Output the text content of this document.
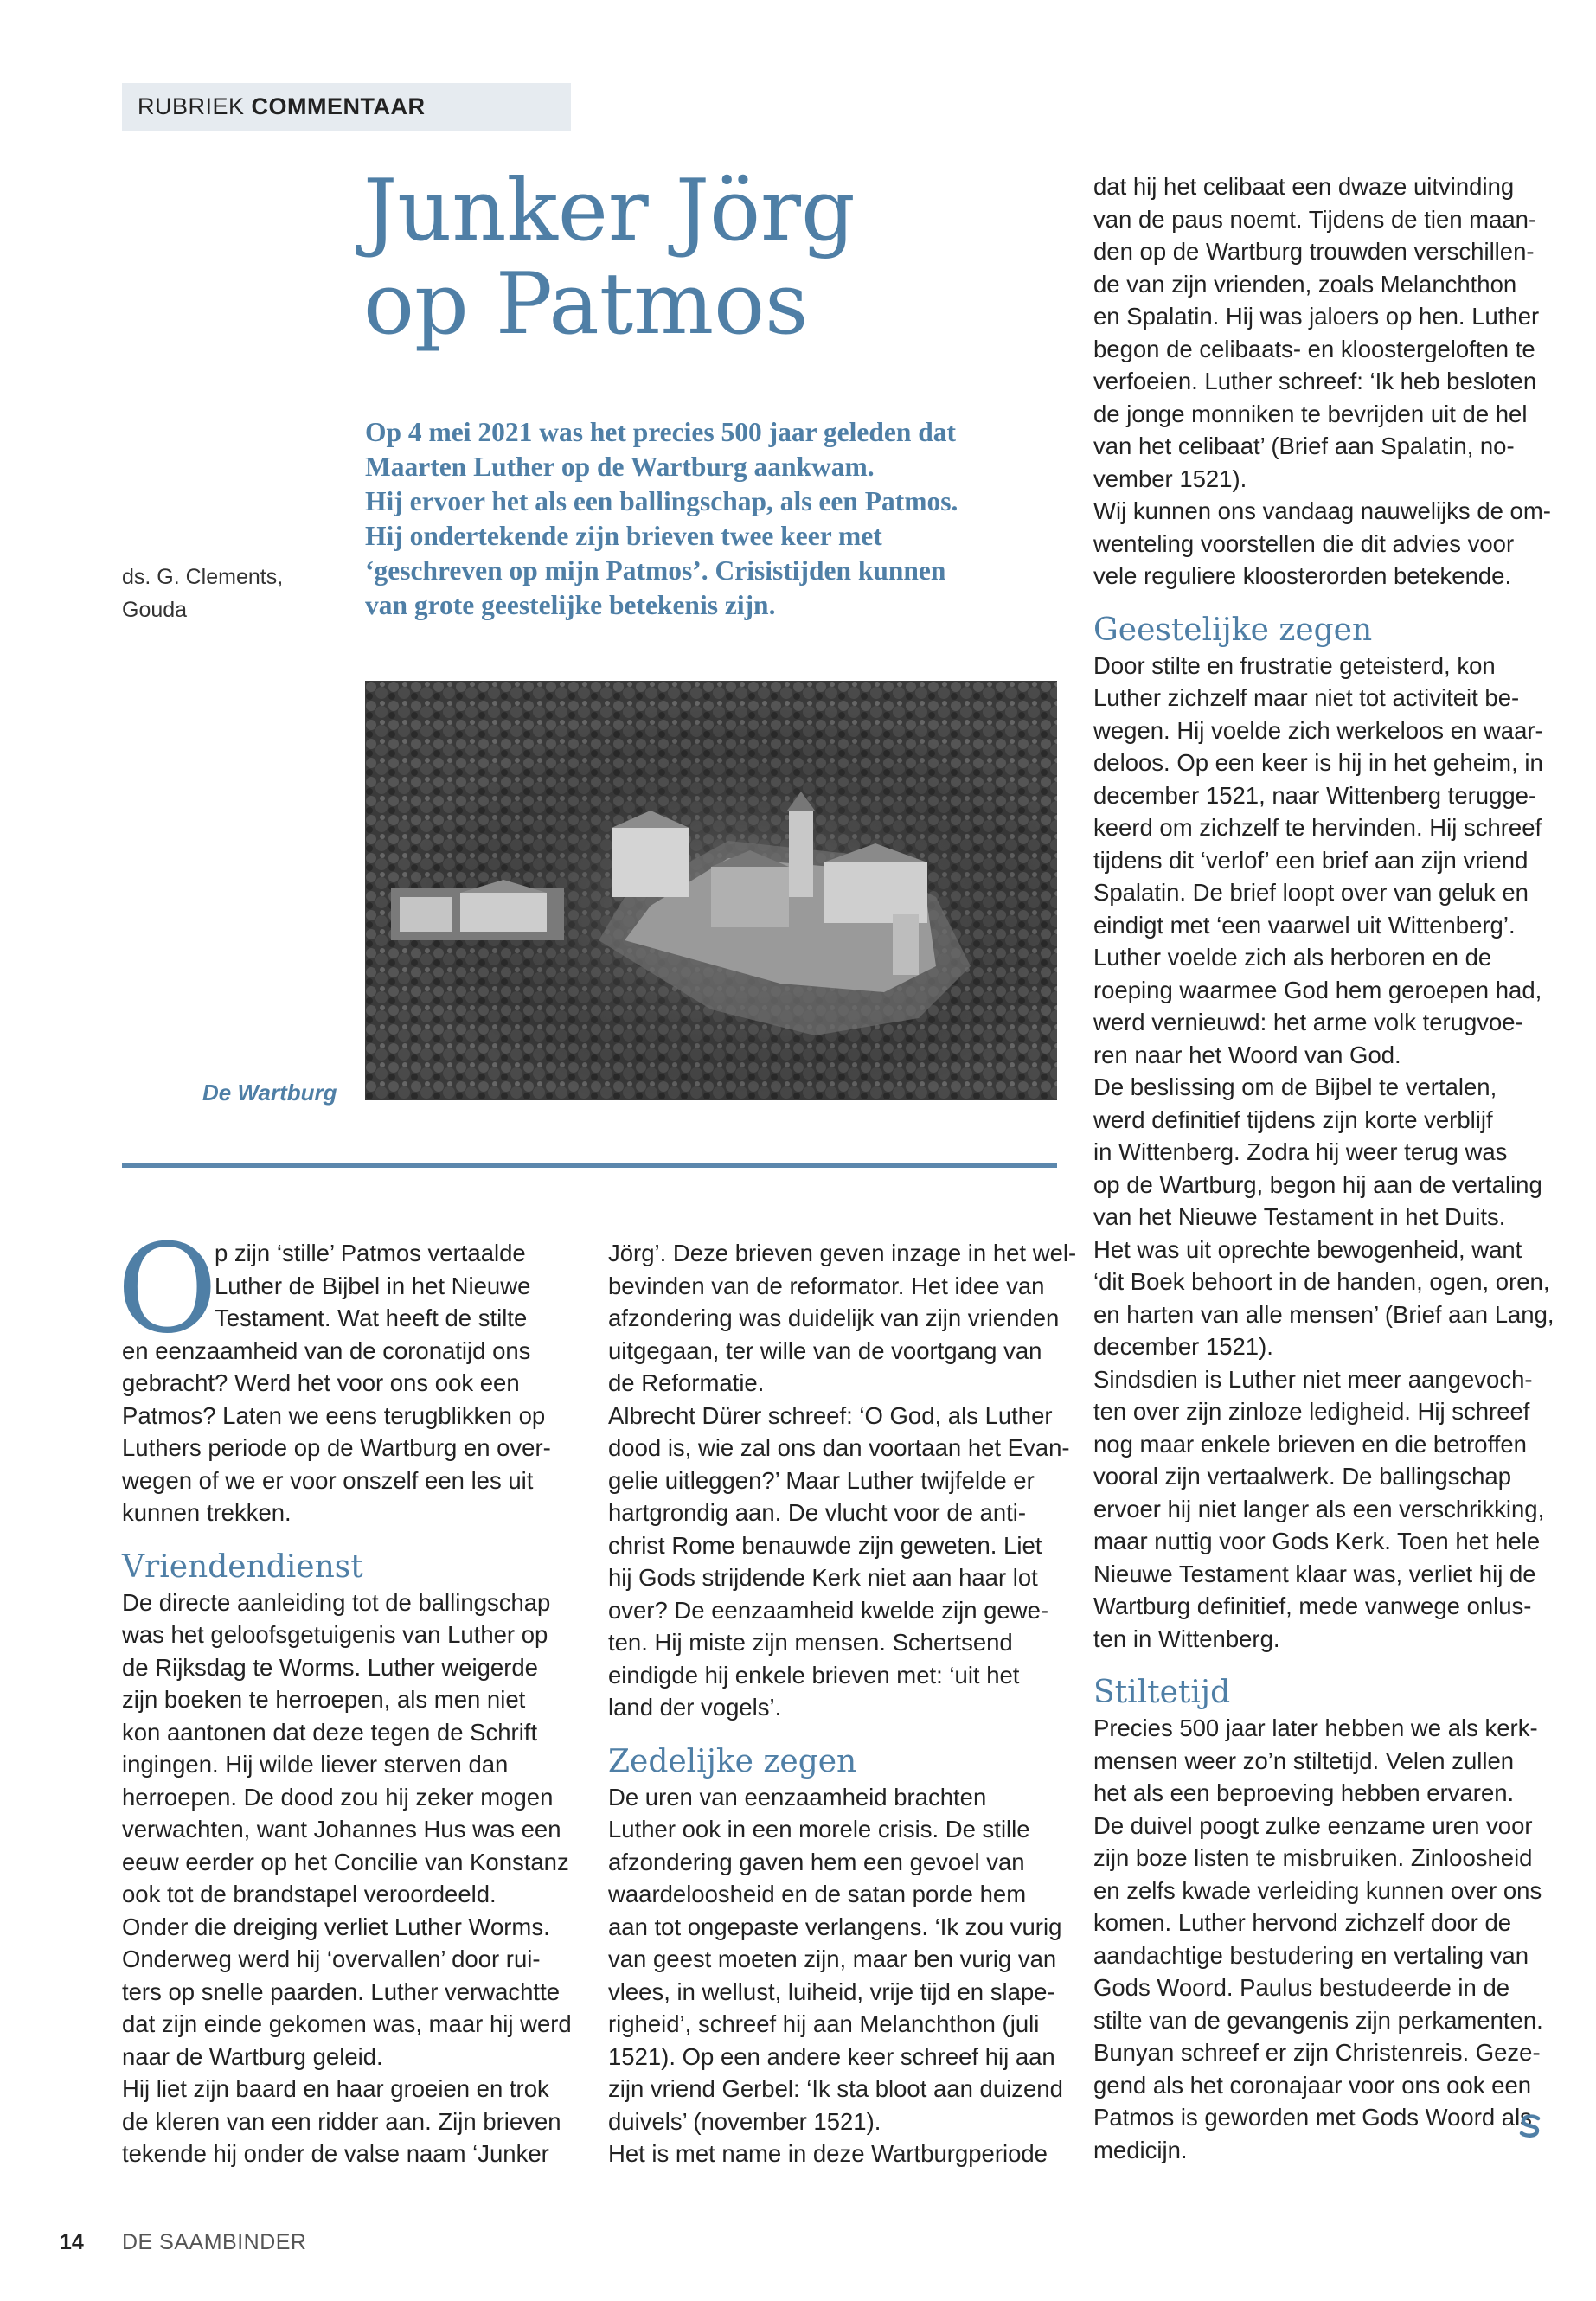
RUBRIEK COMMENTAAR
Junker Jörg
op Patmos

Op 4 mei 2021 was het precies 500 jaar geleden dat
Maarten Luther op de Wartburg aankwam.
Hij ervoer het als een ballingschap, als een Patmos.
Hij ondertekende zijn brieven twee keer met
‘geschreven op mijn Patmos’. Crisistijden kunnen
van grote geestelijke betekenis zijn.

ds. G. Clements,
Gouda
De Wartburg
O
p zijn ‘stille’ Patmos vertaalde
Luther de Bijbel in het Nieuwe
Testament. Wat heeft de stilte
en eenzaamheid van de coronatijd ons
gebracht? Werd het voor ons ook een
Patmos? Laten we eens terugblikken op
Luthers periode op de Wartburg en over-
wegen of we er voor onszelf een les uit
kunnen trekken.
Vriendendienst
De directe aanleiding tot de ballingschap
was het geloofsgetuigenis van Luther op
de Rijksdag te Worms. Luther weigerde
zijn boeken te herroepen, als men niet
kon aantonen dat deze tegen de Schrift
ingingen. Hij wilde liever sterven dan
herroepen. De dood zou hij zeker mogen
verwachten, want Johannes Hus was een
eeuw eerder op het Concilie van Konstanz
ook tot de brandstapel veroordeeld.
Onder die dreiging verliet Luther Worms.
Onderweg werd hij ‘overvallen’ door rui-
ters op snelle paarden. Luther verwachtte
dat zijn einde gekomen was, maar hij werd
naar de Wartburg geleid.
Hij liet zijn baard en haar groeien en trok
de kleren van een ridder aan. Zijn brieven
tekende hij onder de valse naam ‘Junker
Jörg’. Deze brieven geven inzage in het wel-
bevinden van de reformator. Het idee van
afzondering was duidelijk van zijn vrienden
uitgegaan, ter wille van de voortgang van
de Reformatie.
Albrecht Dürer schreef: ‘O God, als Luther
dood is, wie zal ons dan voortaan het Evan-
gelie uitleggen?’ Maar Luther twijfelde er
hartgrondig aan. De vlucht voor de anti-
christ Rome benauwde zijn geweten. Liet
hij Gods strijdende Kerk niet aan haar lot
over? De eenzaamheid kwelde zijn gewe-
ten. Hij miste zijn mensen. Schertsend
eindigde hij enkele brieven met: ‘uit het
land der vogels’.
Zedelijke zegen
De uren van eenzaamheid brachten
Luther ook in een morele crisis. De stille
afzondering gaven hem een gevoel van
waardeloosheid en de satan porde hem
aan tot ongepaste verlangens. ‘Ik zou vurig
van geest moeten zijn, maar ben vurig van
vlees, in wellust, luiheid, vrije tijd en slape-
righeid’, schreef hij aan Melanchthon (juli
1521). Op een andere keer schreef hij aan
zijn vriend Gerbel: ‘Ik sta bloot aan duizend
duivels’ (november 1521).
Het is met name in deze Wartburgperiode
dat hij het celibaat een dwaze uitvinding
van de paus noemt. Tijdens de tien maan-
den op de Wartburg trouwden verschillen-
de van zijn vrienden, zoals Melanchthon
en Spalatin. Hij was jaloers op hen. Luther
begon de celibaats- en kloostergeloften te
verfoeien. Luther schreef: ‘Ik heb besloten
de jonge monniken te bevrijden uit de hel
van het celibaat’ (Brief aan Spalatin, no-
vember 1521).
Wij kunnen ons vandaag nauwelijks de om-
wenteling voorstellen die dit advies voor
vele reguliere kloosterorden betekende.
Geestelijke zegen
Door stilte en frustratie geteisterd, kon
Luther zichzelf maar niet tot activiteit be-
wegen. Hij voelde zich werkeloos en waar-
deloos. Op een keer is hij in het geheim, in
december 1521, naar Wittenberg terugge-
keerd om zichzelf te hervinden. Hij schreef
tijdens dit ‘verlof’ een brief aan zijn vriend
Spalatin. De brief loopt over van geluk en
eindigt met ‘een vaarwel uit Wittenberg’.
Luther voelde zich als herboren en de
roeping waarmee God hem geroepen had,
werd vernieuwd: het arme volk terugvoe-
ren naar het Woord van God.
De beslissing om de Bijbel te vertalen,
werd definitief tijdens zijn korte verblijf
in Wittenberg. Zodra hij weer terug was
op de Wartburg, begon hij aan de vertaling
van het Nieuwe Testament in het Duits.
Het was uit oprechte bewogenheid, want
‘dit Boek behoort in de handen, ogen, oren,
en harten van alle mensen’ (Brief aan Lang,
december 1521).
Sindsdien is Luther niet meer aangevoch-
ten over zijn zinloze ledigheid. Hij schreef
nog maar enkele brieven en die betroffen
vooral zijn vertaalwerk. De ballingschap
ervoer hij niet langer als een verschrikking,
maar nuttig voor Gods Kerk. Toen het hele
Nieuwe Testament klaar was, verliet hij de
Wartburg definitief, mede vanwege onlus-
ten in Wittenberg.
Stiltetijd
Precies 500 jaar later hebben we als kerk-
mensen weer zo’n stiltetijd. Velen zullen
het als een beproeving hebben ervaren.
De duivel poogt zulke eenzame uren voor
zijn boze listen te misbruiken. Zinloosheid
en zelfs kwade verleiding kunnen over ons
komen. Luther hervond zichzelf door de
aandachtige bestudering en vertaling van
Gods Woord. Paulus bestudeerde in de
stilte van de gevangenis zijn perkamenten.
Bunyan schreef er zijn Christenreis. Geze-
gend als het coronajaar voor ons ook een
Patmos is geworden met Gods Woord als
medicijn.
14 DE SAAMBINDER
